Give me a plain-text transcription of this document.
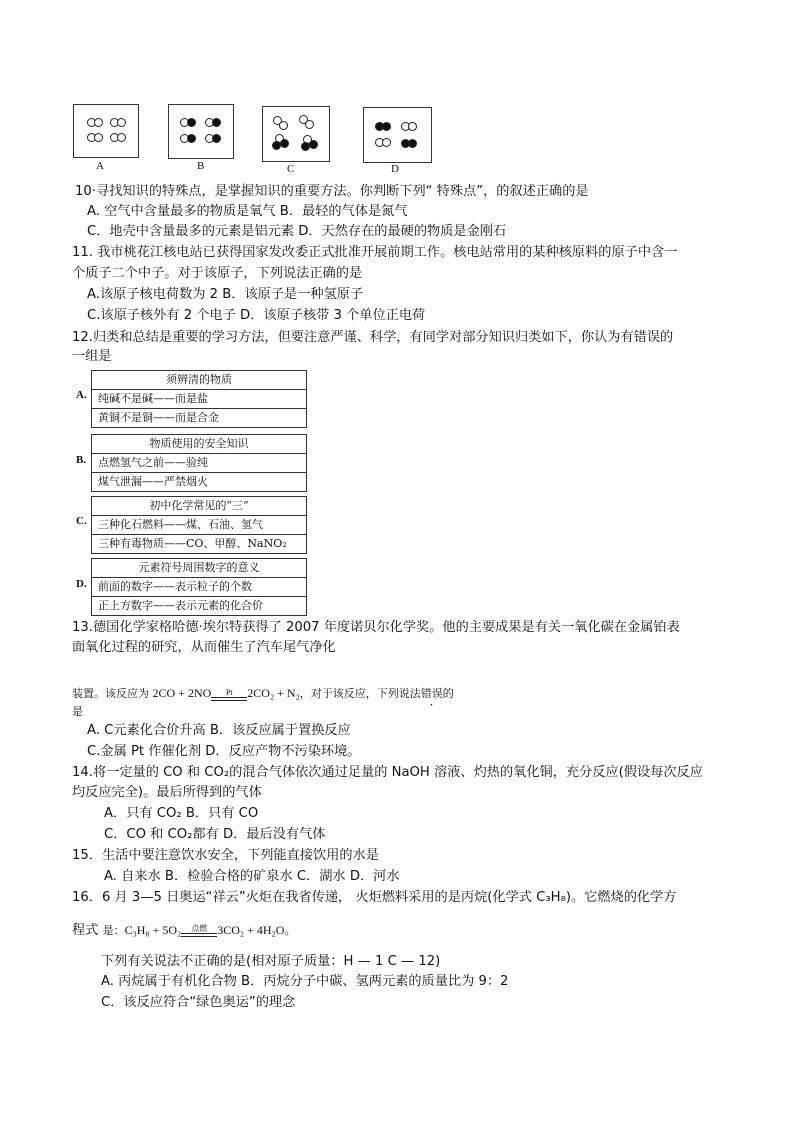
A	B	C	D
10·寻找知识的特殊点，是掌握知识的重要方法。你判断下列“ 特殊点”，的叙述正确的是
A. 空气中含量最多的物质是氧气 B．最轻的气体是氮气
C．地壳中含量最多的元素是铝元素 D．天然存在的最硬的物质是金刚石
11. 我市桃花江核电站已获得国家发改委正式批准开展前期工作。核电站常用的某种核原料的原子中含一
个质子二个中子。对于该原子，下列说法正确的是
A.该原子核电荷数为 2 B．该原子是一种氢原子
C.该原子核外有 2 个电子 D．该原子核带 3 个单位正电荷
12.归类和总结是重要的学习方法，但要注意严谨、科学，有同学对部分知识归类如下，你认为有错误的
一组是
A.
须辨清的物质
纯碱不是碱——而是盐
黄铜不是铜——而是合金
B.
物质使用的安全知识
点燃氢气之前——验纯
煤气泄漏——严禁烟火
C.
初中化学常见的“三”
三种化石燃料——煤、石油、氢气
三种有毒物质——CO、甲醇、NaNO₂
D.
元素符号周围数字的意义
前面的数字——表示粒子的个数
正上方数字——表示元素的化合价
13.德国化学家格哈德·埃尔特获得了 2007 年度诺贝尔化学奖。他的主要成果是有关一氧化碳在金属铂表
面氧化过程的研究，从而催生了汽车尾气净化
装置。该反应为 2CO + 2NO	Pt	2CO₂ + N₂，对于该反应，下列说法错误的
是
A. C元素化合价升高 B．该反应属于置换反应
C.金属 Pt 作催化剂 D．反应产物不污染环境。
14.将一定量的 CO 和 CO₂的混合气体依次通过足量的 NaOH 溶液、灼热的氧化铜，充分反应(假设每次反应
均反应完全)。最后所得到的气体
A．只有 CO₂ B．只有 CO
C．CO 和 CO₂都有 D．最后没有气体
15．生活中要注意饮水安全，下列能直接饮用的水是
A. 自来水 B．检验合格的矿泉水 C．湖水 D．河水
16．6 月 3—5 日奥运“祥云”火炬在我省传递， 火炬燃料采用的是丙烷(化学式 C₃H₈)。它燃烧的化学方
程式 是：C₃H₈ + 5O₂	点燃 3CO₂ + 4H₂O。
下列有关说法不正确的是(相对原子质量：H — 1 C — 12)
A. 丙烷属于有机化合物 B．丙烷分子中碳、氢两元素的质量比为 9：2
C．该反应符合“绿色奥运”的理念
